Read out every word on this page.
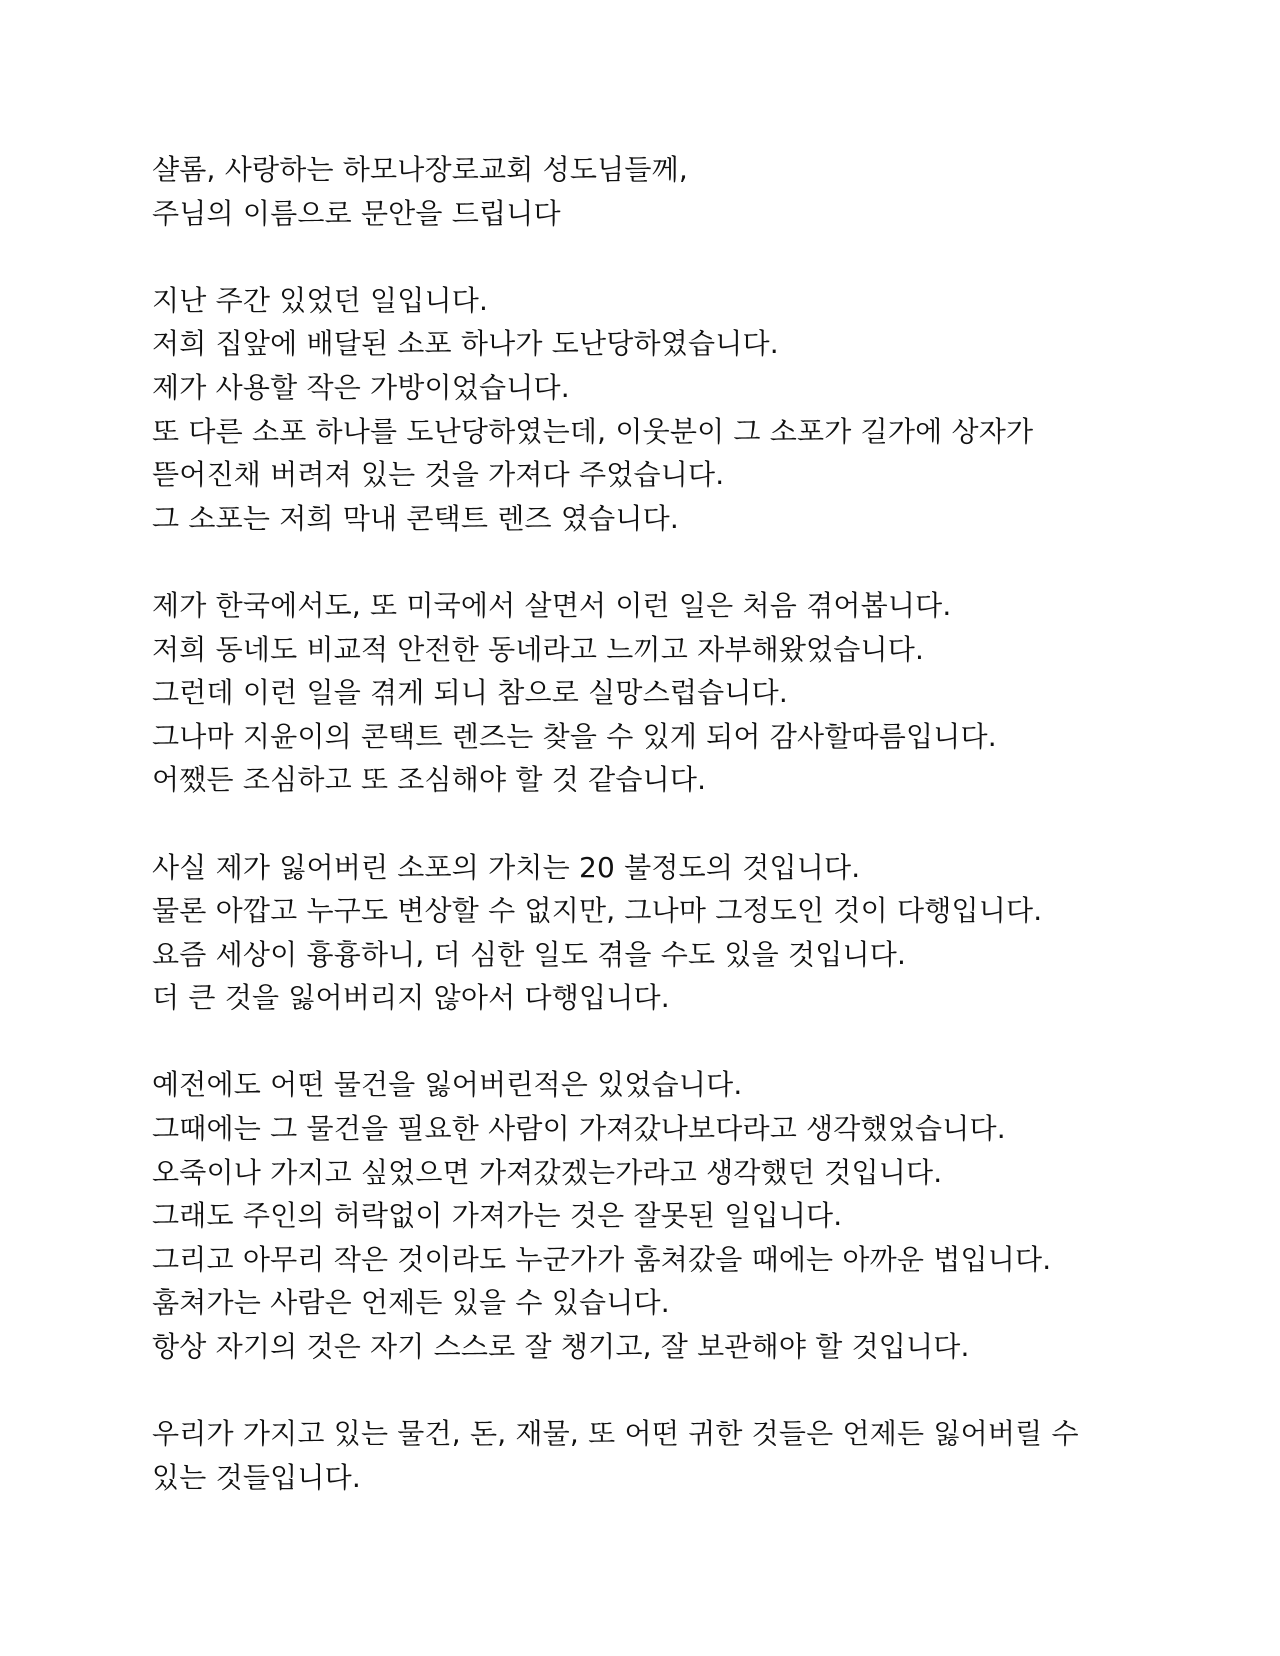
샬롬, 사랑하는 하모나장로교회 성도님들께,
주님의 이름으로 문안을 드립니다

지난 주간 있었던 일입니다.
저희 집앞에 배달된 소포 하나가 도난당하였습니다.
제가 사용할 작은 가방이었습니다.
또 다른 소포 하나를 도난당하였는데, 이웃분이 그 소포가 길가에 상자가
뜯어진채 버려져 있는 것을 가져다 주었습니다.
그 소포는 저희 막내 콘택트 렌즈 였습니다.

제가 한국에서도, 또 미국에서 살면서 이런 일은 처음 겪어봅니다.
저희 동네도 비교적 안전한 동네라고 느끼고 자부해왔었습니다.
그런데 이런 일을 겪게 되니 참으로 실망스럽습니다.
그나마 지윤이의 콘택트 렌즈는 찾을 수 있게 되어 감사할따름입니다.
어쨌든 조심하고 또 조심해야 할 것 같습니다.

사실 제가 잃어버린 소포의 가치는 20 불정도의 것입니다.
물론 아깝고 누구도 변상할 수 없지만, 그나마 그정도인 것이 다행입니다.
요즘 세상이 흉흉하니, 더 심한 일도 겪을 수도 있을 것입니다.
더 큰 것을 잃어버리지 않아서 다행입니다.

예전에도 어떤 물건을 잃어버린적은 있었습니다.
그때에는 그 물건을 필요한 사람이 가져갔나보다라고 생각했었습니다.
오죽이나 가지고 싶었으면 가져갔겠는가라고 생각했던 것입니다.
그래도 주인의 허락없이 가져가는 것은 잘못된 일입니다.
그리고 아무리 작은 것이라도 누군가가 훔쳐갔을 때에는 아까운 법입니다.
훔쳐가는 사람은 언제든 있을 수 있습니다.
항상 자기의 것은 자기 스스로 잘 챙기고, 잘 보관해야 할 것입니다.

우리가 가지고 있는 물건, 돈, 재물, 또 어떤 귀한 것들은 언제든 잃어버릴 수
있는 것들입니다.
